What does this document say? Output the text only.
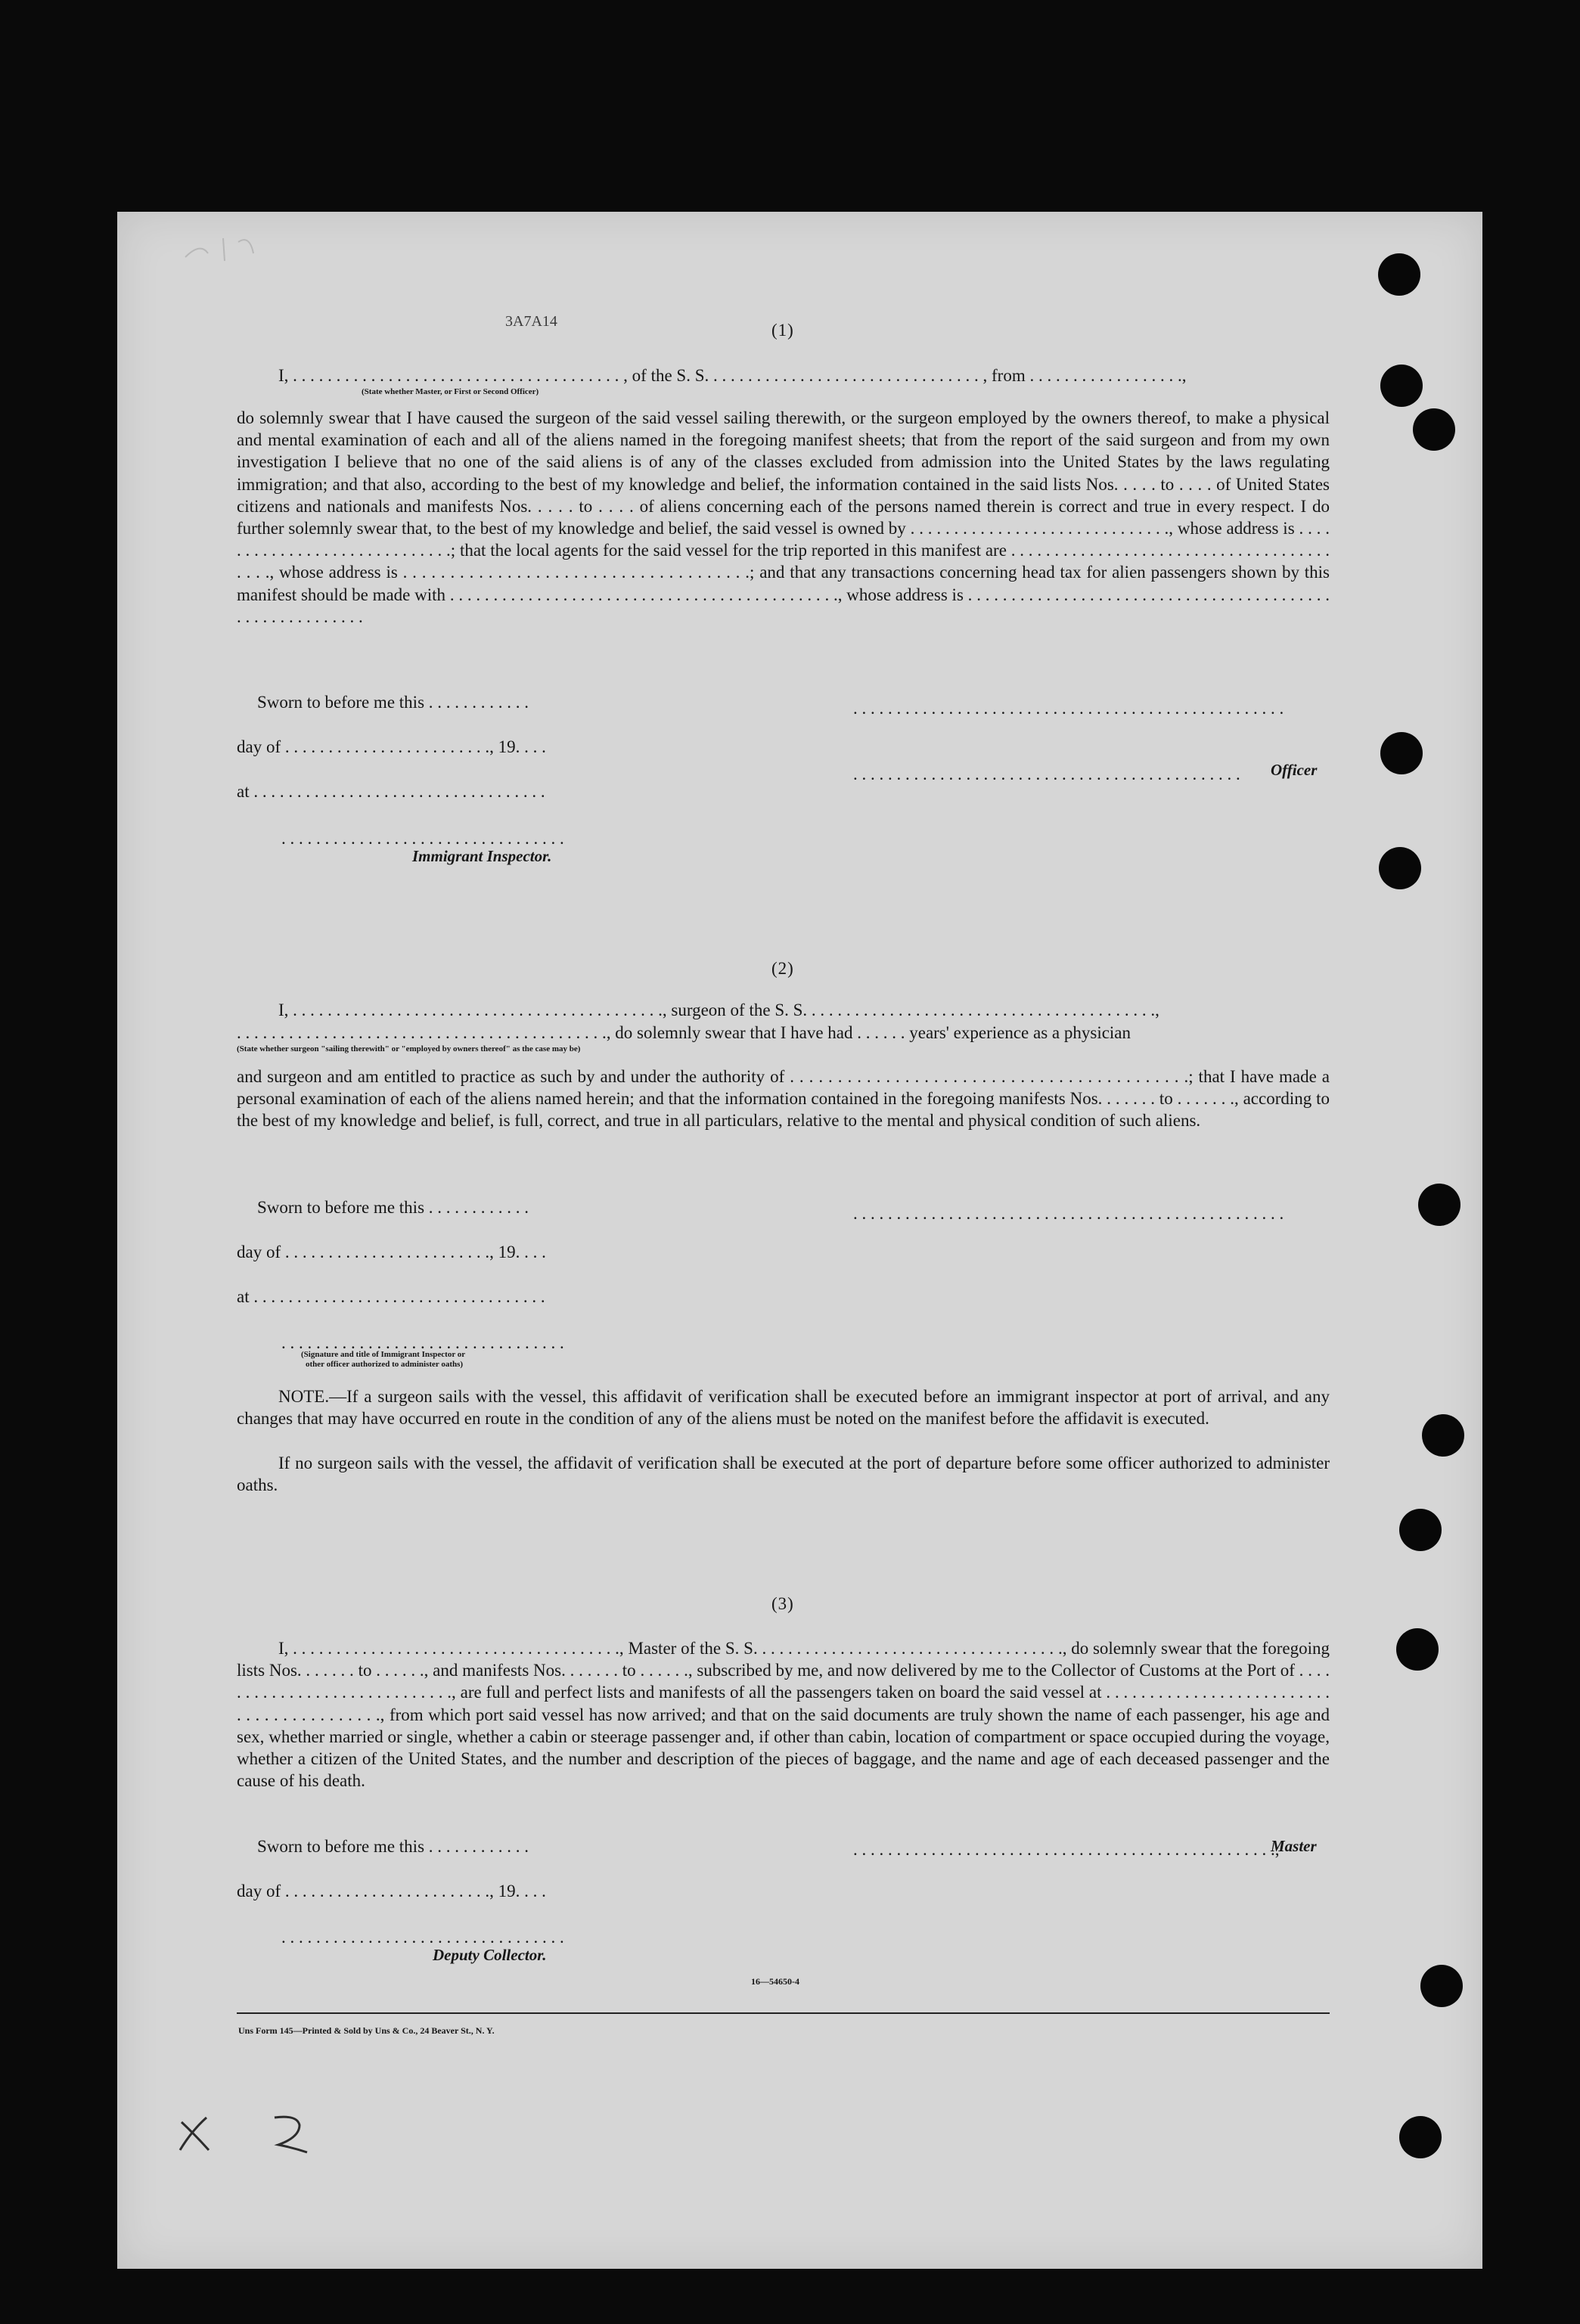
3A7A14	(1)
I, . . . . . . . . . . . . . . . . . . . . . . . . . . . . . . . . . . . . . . , of the S. S. . . . . . . . . . . . . . . . . . . . . . . . . . . . . . . . , from . . . . . . . . . . . . . . . . . .,
(State whether Master, or First or Second Officer)
do solemnly swear that I have caused the surgeon of the said vessel sailing therewith, or the surgeon employed by the owners thereof, to make a physical and mental examination of each and all of the aliens named in the foregoing manifest sheets; that from the report of the said surgeon and from my own investigation I believe that no one of the said aliens is of any of the classes excluded from admission into the United States by the laws regulating immigration; and that also, according to the best of my knowledge and belief, the information contained in the said lists Nos. . . . . to . . . . of United States citizens and nationals and manifests Nos. . . . . to . . . . of aliens concerning each of the persons named therein is correct and true in every respect. I do further solemnly swear that, to the best of my knowledge and belief, the said vessel is owned by . . . . . . . . . . . . . . . . . . . . . . . . . . . . . ., whose address is . . . . . . . . . . . . . . . . . . . . . . . . . . . . .; that the local agents for the said vessel for the trip reported in this manifest are . . . . . . . . . . . . . . . . . . . . . . . . . . . . . . . . . . . . . . . . ., whose address is . . . . . . . . . . . . . . . . . . . . . . . . . . . . . . . . . . . . .; and that any transactions concerning head tax for alien passengers shown by this manifest should be made with . . . . . . . . . . . . . . . . . . . . . . . . . . . . . . . . . . . . . . . . . . . . ., whose address is . . . . . . . . . . . . . . . . . . . . . . . . . . . . . . . . . . . . . . . . . . . . . . . . . . . . . . . . .
Sworn to before me this . . . . . . . . . . . .
day of . . . . . . . . . . . . . . . . . . . . . . . ., 19. . . .
at . . . . . . . . . . . . . . . . . . . . . . . . . . . . . . . . . .
. . . . . . . . . . . . . . . . . . . . . . . . . . . . . . . . .
Immigrant Inspector.
. . . . . . . . . . . . . . . . . . . . . . . . . . . . . . . . . . . . . . . . . . . . . . . . . .
. . . . . . . . . . . . . . . . . . . . . . . . . . . . . . . . . . . . . . . . . . . . . Officer
(2)
I, . . . . . . . . . . . . . . . . . . . . . . . . . . . . . . . . . . . . . . . . . . ., surgeon of the S. S. . . . . . . . . . . . . . . . . . . . . . . . . . . . . . . . . . . . . . . . .,
. . . . . . . . . . . . . . . . . . . . . . . . . . . . . . . . . . . . . . . . . . ., do solemnly swear that I have had . . . . . . years' experience as a physician
(State whether surgeon "sailing therewith" or "employed by owners thereof" as the case may be)
and surgeon and am entitled to practice as such by and under the authority of . . . . . . . . . . . . . . . . . . . . . . . . . . . . . . . . . . . . . . . . . .; that I have made a personal examination of each of the aliens named herein; and that the information contained in the foregoing manifests Nos. . . . . . . to . . . . . . ., according to the best of my knowledge and belief, is full, correct, and true in all particulars, relative to the mental and physical condition of such aliens.
Sworn to before me this . . . . . . . . . . . .
day of . . . . . . . . . . . . . . . . . . . . . . . ., 19. . . .
at . . . . . . . . . . . . . . . . . . . . . . . . . . . . . . . . . .
. . . . . . . . . . . . . . . . . . . . . . . . . . . . . . . . .
(Signature and title of Immigrant Inspector or
other officer authorized to administer oaths)
. . . . . . . . . . . . . . . . . . . . . . . . . . . . . . . . . . . . . . . . . . . . . . . . . .
NOTE.—If a surgeon sails with the vessel, this affidavit of verification shall be executed before an immigrant inspector at port of arrival, and any changes that may have occurred en route in the condition of any of the aliens must be noted on the manifest before the affidavit is executed.
If no surgeon sails with the vessel, the affidavit of verification shall be executed at the port of departure before some officer authorized to administer oaths.
(3)
I, . . . . . . . . . . . . . . . . . . . . . . . . . . . . . . . . . . . . . ., Master of the S. S. . . . . . . . . . . . . . . . . . . . . . . . . . . . . . . . . . . ., do solemnly swear that the foregoing lists Nos. . . . . . . to . . . . . ., and manifests Nos. . . . . . . to . . . . . ., subscribed by me, and now delivered by me to the Collector of Customs at the Port of . . . . . . . . . . . . . . . . . . . . . . . . . . . . ., are full and perfect lists and manifests of all the passengers taken on board the said vessel at . . . . . . . . . . . . . . . . . . . . . . . . . . . . . . . . . . . . . . . . . ., from which port said vessel has now arrived; and that on the said documents are truly shown the name of each passenger, his age and sex, whether married or single, whether a cabin or steerage passenger and, if other than cabin, location of compartment or space occupied during the voyage, whether a citizen of the United States, and the number and description of the pieces of baggage, and the name and age of each deceased passenger and the cause of his death.
Sworn to before me this . . . . . . . . . . . .
day of . . . . . . . . . . . . . . . . . . . . . . . ., 19. . . .
. . . . . . . . . . . . . . . . . . . . . . . . . . . . . . . . .
Deputy Collector.
. . . . . . . . . . . . . . . . . . . . . . . . . . . . . . . . . . . . . . . . . . . . . . . . .,
Master
16—54650-4
Uns Form 145—Printed & Sold by Uns & Co., 24 Beaver St., N. Y.
